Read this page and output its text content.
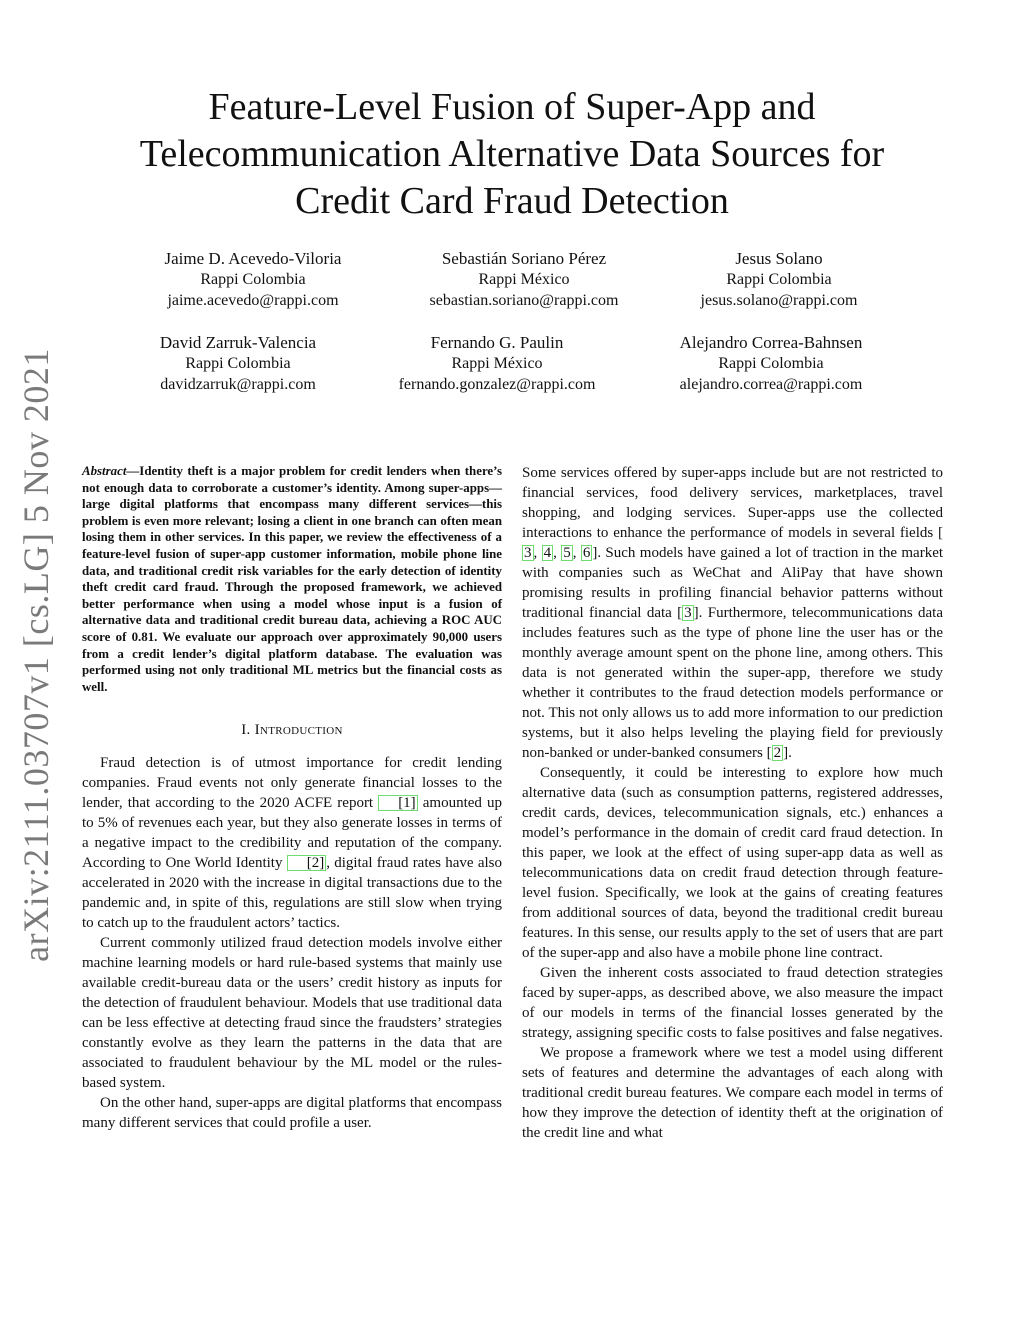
arXiv:2111.03707v1 [cs.LG] 5 Nov 2021
Feature-Level Fusion of Super-App and
Telecommunication Alternative Data Sources for
Credit Card Fraud Detection
Jaime D. Acevedo-Viloria
Rappi Colombia
jaime.acevedo@rappi.com
Sebastián Soriano Pérez
Rappi México
sebastian.soriano@rappi.com
Jesus Solano
Rappi Colombia
jesus.solano@rappi.com
David Zarruk-Valencia
Rappi Colombia
davidzarruk@rappi.com
Fernando G. Paulin
Rappi México
fernando.gonzalez@rappi.com
Alejandro Correa-Bahnsen
Rappi Colombia
alejandro.correa@rappi.com

Abstract—Identity theft is a major problem for credit lenders when there’s not enough data to corroborate a customer’s identity. Among super-apps—large digital platforms that encompass many different services—this problem is even more relevant; losing a client in one branch can often mean losing them in other services. In this paper, we review the effectiveness of a feature-level fusion of super-app customer information, mobile phone line data, and traditional credit risk variables for the early detection of identity theft credit card fraud. Through the proposed framework, we achieved better performance when using a model whose input is a fusion of alternative data and traditional credit bureau data, achieving a ROC AUC score of 0.81. We evaluate our approach over approximately 90,000 users from a credit lender’s digital platform database. The evaluation was performed using not only traditional ML metrics but the financial costs as well.

I. Introduction

Fraud detection is of utmost importance for credit lending companies. Fraud events not only generate financial losses to the lender, that according to the 2020 ACFE report [1] amounted up to 5% of revenues each year, but they also generate losses in terms of a negative impact to the credibility and reputation of the company. According to One World Identity [2] , digital fraud rates have also accelerated in 2020 with the increase in digital transactions due to the pandemic and, in spite of this, regulations are still slow when trying to catch up to the fraudulent actors’ tactics.

Current commonly utilized fraud detection models involve either machine learning models or hard rule-based systems that mainly use available credit-bureau data or the users’ credit history as inputs for the detection of fraudulent behaviour. Models that use traditional data can be less effective at detecting fraud since the fraudsters’ strategies constantly evolve as they learn the patterns in the data that are associated to fraudulent behaviour by the ML model or the rules-based system.

On the other hand, super-apps are digital platforms that encompass many different services that could profile a user.

Some services offered by super-apps include but are not restricted to financial services, food delivery services, marketplaces, travel shopping, and lodging services. Super-apps use the collected interactions to enhance the performance of models in several fields [3 , 4 , 5 , 6 ]. Such models have gained a lot of traction in the market with companies such as WeChat and AliPay that have shown promising results in profiling financial behavior patterns without traditional financial data [ 3 ]. Furthermore, telecommunications data includes features such as the type of phone line the user has or the monthly average amount spent on the phone line, among others. This data is not generated within the super-app, therefore we study whether it contributes to the fraud detection models performance or not. This not only allows us to add more information to our prediction systems, but it also helps leveling the playing field for previously non-banked or under-banked consumers [ 2 ].

Consequently, it could be interesting to explore how much alternative data (such as consumption patterns, registered addresses, credit cards, devices, telecommunication signals, etc.) enhances a model’s performance in the domain of credit card fraud detection. In this paper, we look at the effect of using super-app data as well as telecommunications data on credit fraud detection through feature-level fusion. Specifically, we look at the gains of creating features from additional sources of data, beyond the traditional credit bureau features. In this sense, our results apply to the set of users that are part of the super-app and also have a mobile phone line contract.

Given the inherent costs associated to fraud detection strategies faced by super-apps, as described above, we also measure the impact of our models in terms of the financial losses generated by the strategy, assigning specific costs to false positives and false negatives.

We propose a framework where we test a model using different sets of features and determine the advantages of each along with traditional credit bureau features. We compare each model in terms of how they improve the detection of identity theft at the origination of the credit line and what
